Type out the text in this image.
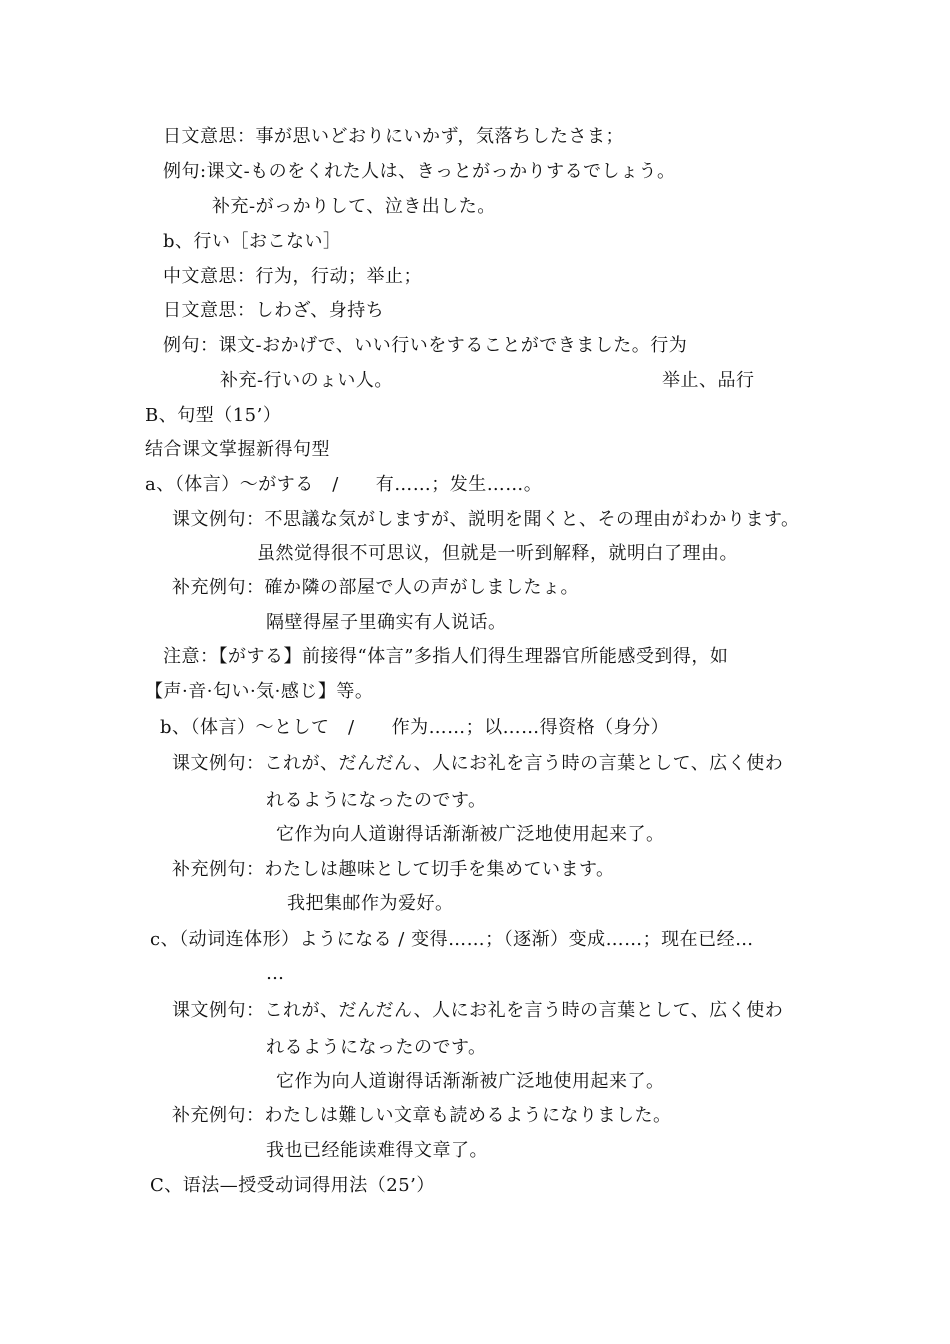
日文意思：事が思いどおりにいかず，気落ちしたさま；
例句:课文-ものをくれた人は、きっとがっかりするでしょう。
补充-がっかりして、泣き出した。
b、行い［おこない］
中文意思：行为，行动；举止；
日文意思：しわざ、身持ち
例句：课文-おかげで、いい行いをすることができました。行为
补充-行いのょい人。	举止、品行
B、句型（15’）
结合课文掌握新得句型
a、（体言）～がする　/　　有……；发生……。
课文例句：不思議な気がしますが、説明を聞くと、その理由がわかります。
虽然觉得很不可思议，但就是一听到解释，就明白了理由。
补充例句：確か隣の部屋で人の声がしましたょ。
隔壁得屋子里确实有人说话。
注意：【がする】前接得“体言”多指人们得生理器官所能感受到得，如
【声·音·匂い·気·感じ】等。
b、（体言）～として　/　　作为……；以……得资格（身分）
课文例句：これが、だんだん、人にお礼を言う時の言葉として、広く使わ
れるようになったのです。
它作为向人道谢得话渐渐被广泛地使用起来了。
补充例句：わたしは趣味として切手を集めています。
我把集邮作为爱好。
c、（动词连体形）ようになる / 变得……；（逐渐）变成……；现在已经…
…
课文例句：これが、だんだん、人にお礼を言う時の言葉として、広く使わ
れるようになったのです。
它作为向人道谢得话渐渐被广泛地使用起来了。
补充例句：わたしは難しい文章も読めるようになりました。
我也已经能读难得文章了。
C、语法—授受动词得用法（25’）
